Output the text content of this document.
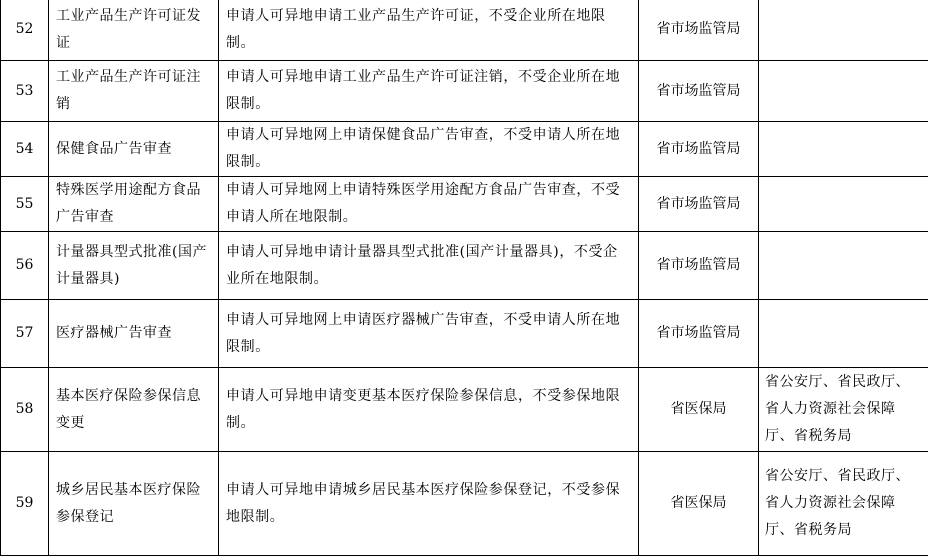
52	工业产品生产许可证发证	申请人可异地申请工业产品生产许可证，不受企业所在地限制。	省市场监管局	
53	工业产品生产许可证注销	申请人可异地申请工业产品生产许可证注销，不受企业所在地限制。	省市场监管局	
54	保健食品广告审查	申请人可异地网上申请保健食品广告审查，不受申请人所在地限制。	省市场监管局	
55	特殊医学用途配方食品广告审查	申请人可异地网上申请特殊医学用途配方食品广告审查，不受申请人所在地限制。	省市场监管局	
56	计量器具型式批准(国产计量器具)	申请人可异地申请计量器具型式批准(国产计量器具)，不受企业所在地限制。	省市场监管局	
57	医疗器械广告审查	申请人可异地网上申请医疗器械广告审查，不受申请人所在地限制。	省市场监管局	
58	基本医疗保险参保信息变更	申请人可异地申请变更基本医疗保险参保信息，不受参保地限制。	省医保局	省公安厅、省民政厅、省人力资源社会保障厅、省税务局
59	城乡居民基本医疗保险参保登记	申请人可异地申请城乡居民基本医疗保险参保登记，不受参保地限制。	省医保局	省公安厅、省民政厅、省人力资源社会保障厅、省税务局
